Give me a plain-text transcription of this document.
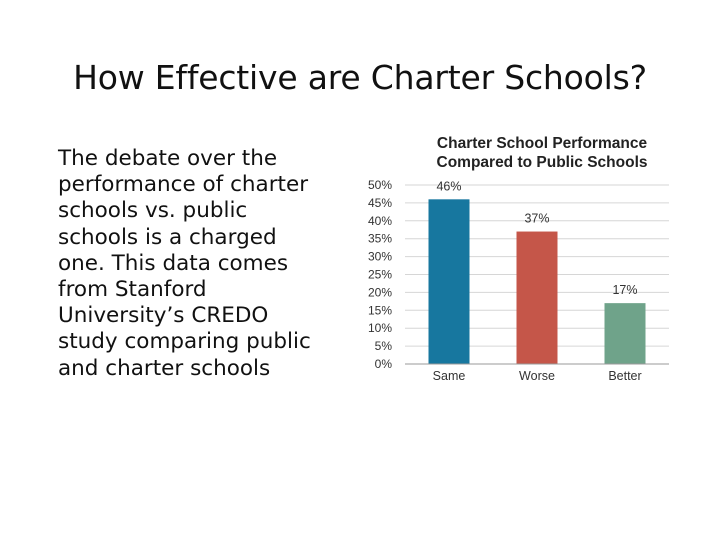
How Effective are Charter Schools?
The debate over the performance of charter schools vs. public schools is a charged one. This data comes from Stanford University’s CREDO study comparing public and charter schools
Charter School Performance
Compared to Public Schools
0%
5%
10%
15%
20%
25%
30%
35%
40%
45%
50%	46%
Same
37%
Worse
17%
Better
